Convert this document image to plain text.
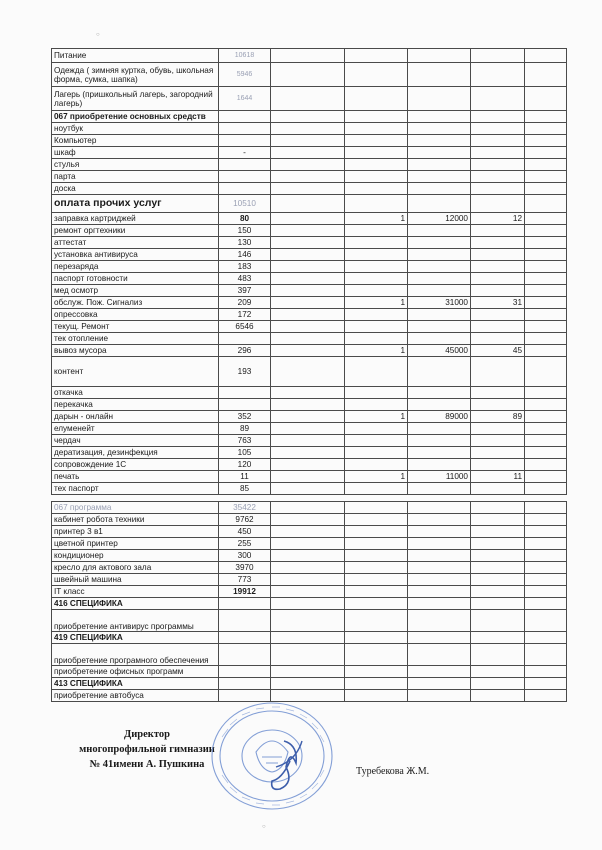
Питание	10618					
Одежда ( зимняя куртка, обувь, школьная форма, сумка, шапка)	5946					
Лагерь (пришкольный лагерь, загородний лагерь)	1644					
067 приобретение основных средств						
ноутбук						
Компьютер						
шкаф	-					
стулья						
парта						
доска						
оплата прочих услуг	10510					
заправка картриджей	80		1	12000	12	
ремонт оргтехники	150					
аттестат	130					
установка антивируса	146					
перезаряда	183					
паспорт готовности	483					
мед осмотр	397					
обслуж. Пож. Сигнализ	209		1	31000	31	
опрессовка	172					
текущ. Ремонт	6546					
тек отопление						
вывоз мусора	296		1	45000	45	
контент	193					
откачка						
перекачка						
дарын - онлайн	352		1	89000	89	
елуменейт	89					
чердач	763					
дератизация, дезинфекция	105					
сопровождение 1С	120					
печать	11		1	11000	11	
тех паспорт	85					
067 программа	35422					
кабинет робота техники	9762					
принтер 3 в1	450					
цветной принтер	255					
кондиционер	300					
кресло для актового зала	3970					
швейный машина	773					
IT класс	19912					
416 СПЕЦИФИКА						
приобретение антивирус программы						
419 СПЕЦИФИКА						
приобретение програмного обеспечения						
приобретение офисных программ						
413 СПЕЦИФИКА						
приобретение автобуса						
Директор
многопрофильной гимназии
№ 41имени А. Пушкина
Туребекова Ж.М.
○
○
